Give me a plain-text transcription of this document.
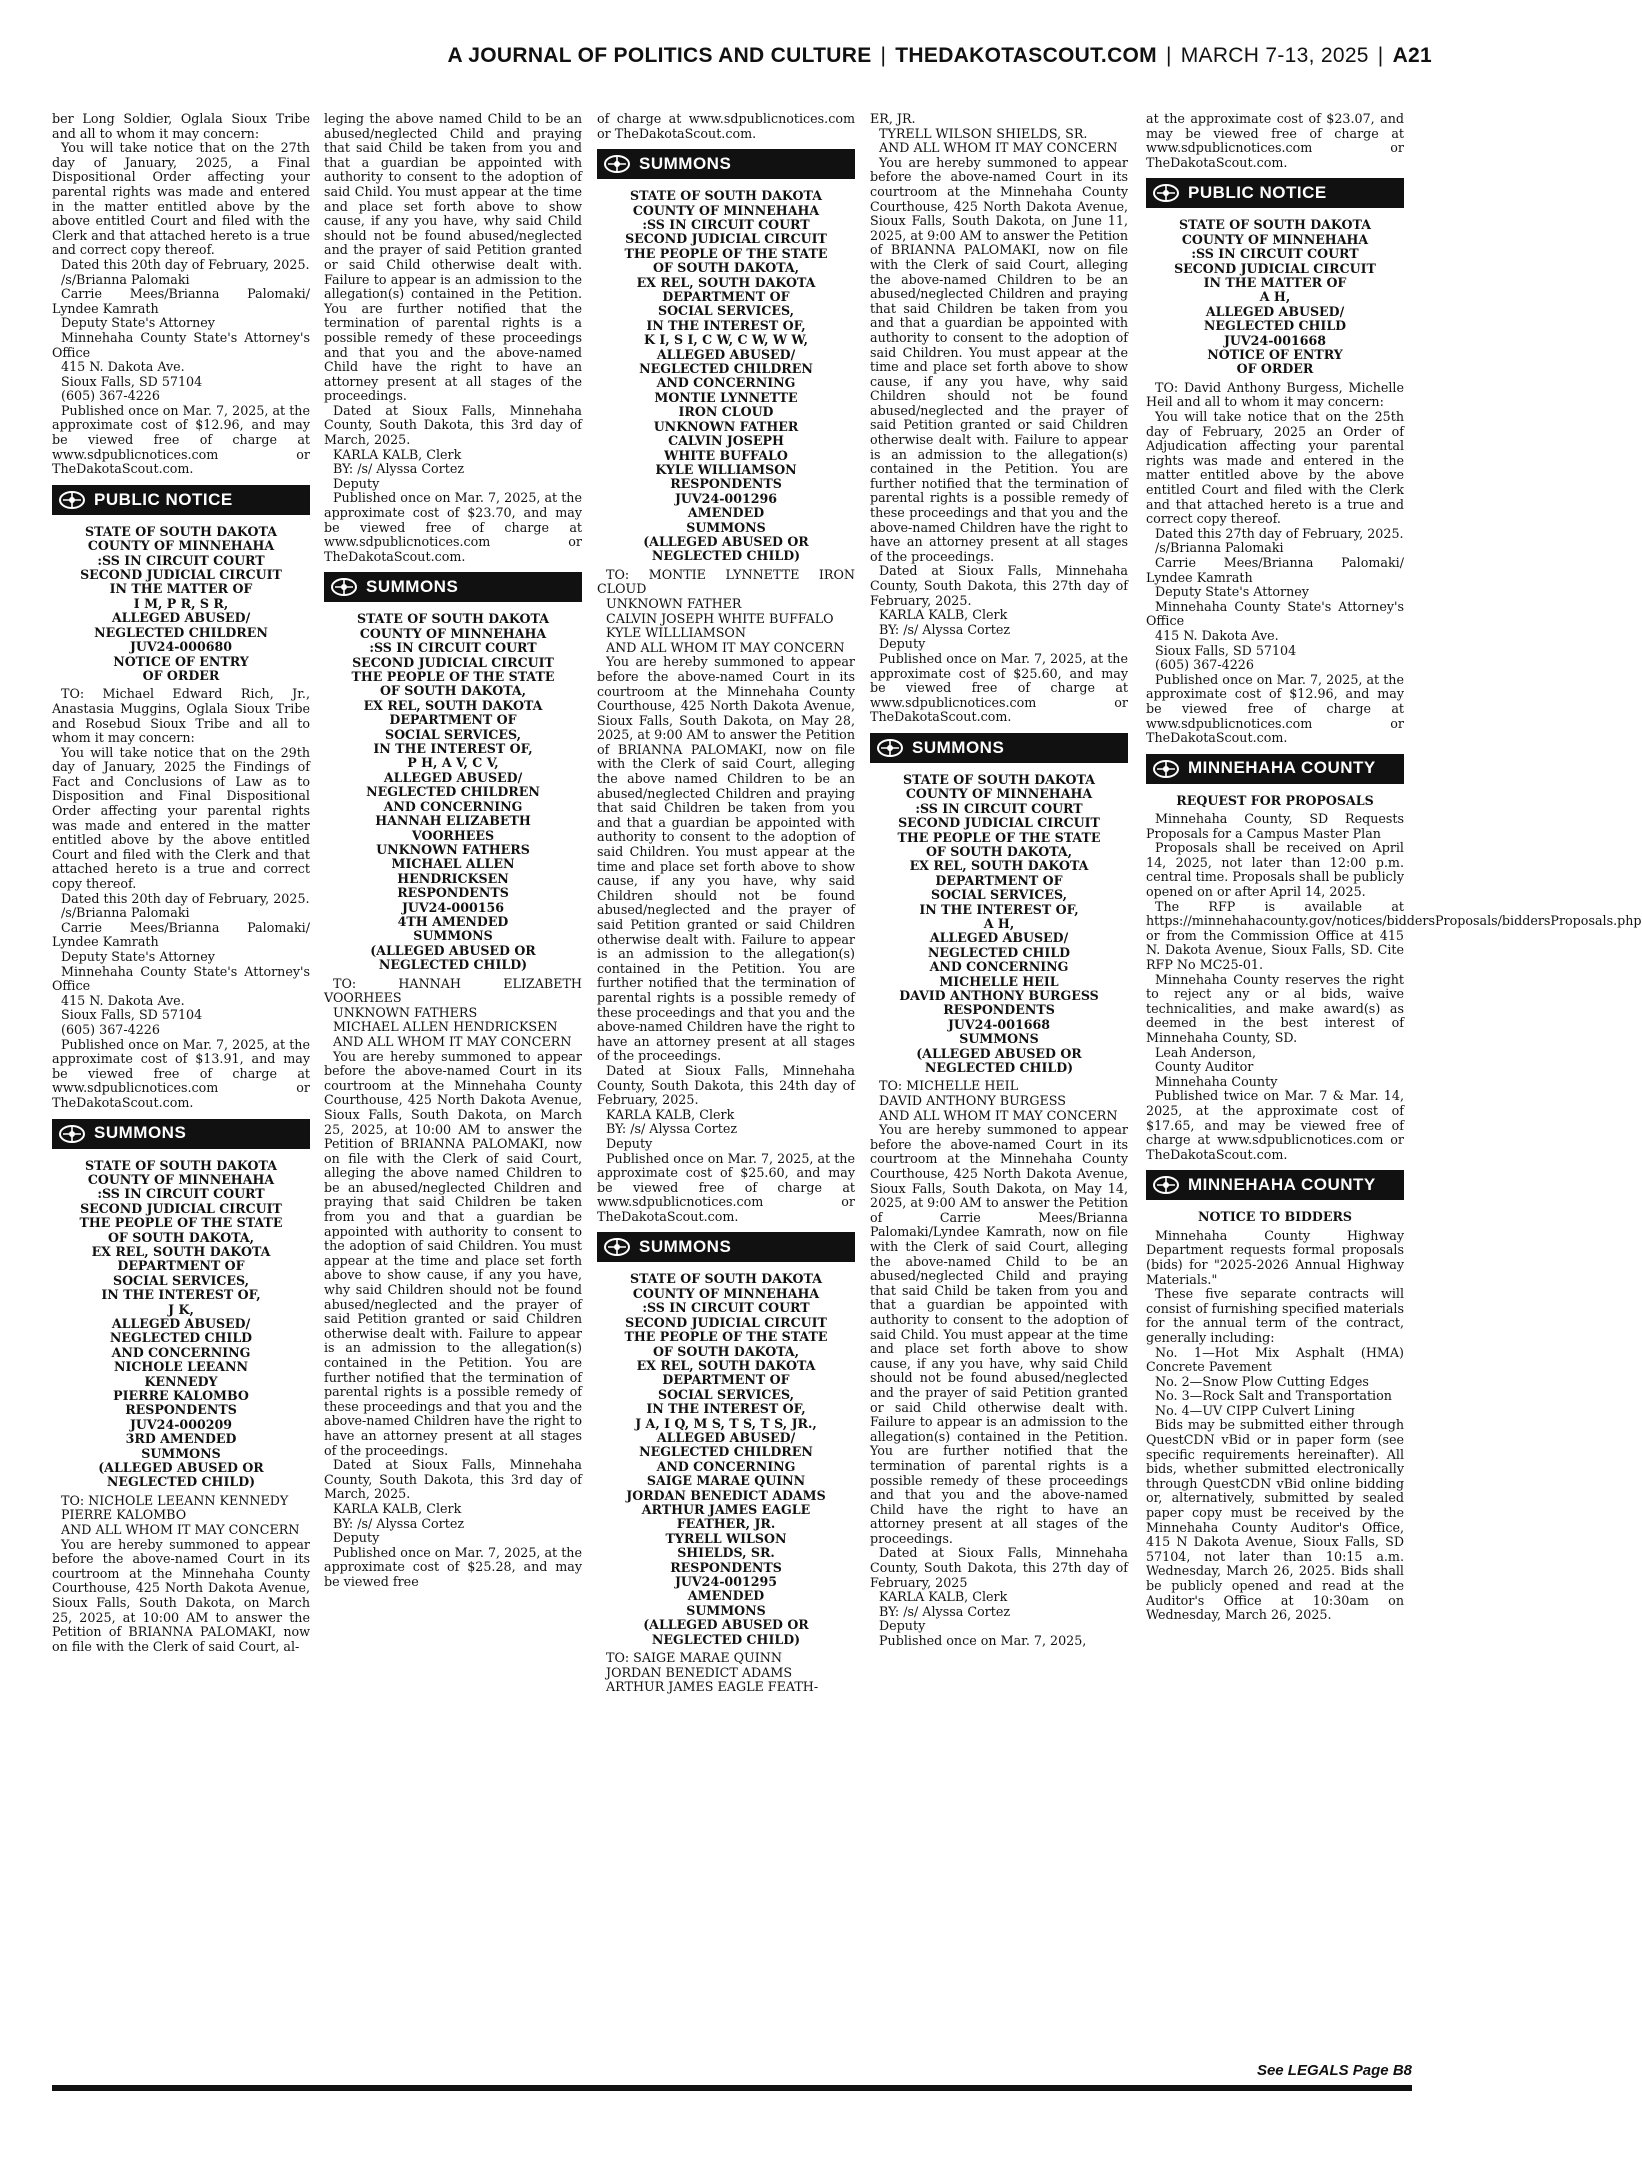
A JOURNAL OF POLITICS AND CULTURE | THEDAKOTASCOUT.COM | MARCH 7-13, 2025 | A21

ber Long Soldier, Oglala Sioux Tribe and all to whom it may concern:

You will take notice that on the 27th day of January, 2025, a Final Dispositional Order affecting your parental rights was made and entered in the matter entitled above by the above entitled Court and filed with the Clerk and that attached hereto is a true and correct copy thereof.

Dated this 20th day of February, 2025.

/s/Brianna Palomaki

Carrie Mees/Brianna Palomaki/ Lyndee Kamrath

Deputy State's Attorney

Minnehaha County State's Attorney's Office

415 N. Dakota Ave.

Sioux Falls, SD 57104

(605) 367-4226

Published once on Mar. 7, 2025, at the approximate cost of $12.96, and may be viewed free of charge at www.sdpublicnotices.com or TheDakotaScout.com.

PUBLIC NOTICE
STATE OF SOUTH DAKOTA
COUNTY OF MINNEHAHA
:SS IN CIRCUIT COURT
SECOND JUDICIAL CIRCUIT
IN THE MATTER OF
I M, P R, S R,
ALLEGED ABUSED/
NEGLECTED CHILDREN
JUV24-000680
NOTICE OF ENTRY
OF ORDER

TO: Michael Edward Rich, Jr., Anastasia Muggins, Oglala Sioux Tribe and Rosebud Sioux Tribe and all to whom it may concern:

You will take notice that on the 29th day of January, 2025 the Findings of Fact and Conclusions of Law as to Disposition and Final Dispositional Order affecting your parental rights was made and entered in the matter entitled above by the above entitled Court and filed with the Clerk and that attached hereto is a true and correct copy thereof.

Dated this 20th day of February, 2025.

/s/Brianna Palomaki

Carrie Mees/Brianna Palomaki/ Lyndee Kamrath

Deputy State's Attorney

Minnehaha County State's Attorney's Office

415 N. Dakota Ave.

Sioux Falls, SD 57104

(605) 367-4226

Published once on Mar. 7, 2025, at the approximate cost of $13.91, and may be viewed free of charge at www.sdpublicnotices.com or TheDakotaScout.com.

SUMMONS
STATE OF SOUTH DAKOTA
COUNTY OF MINNEHAHA
:SS IN CIRCUIT COURT
SECOND JUDICIAL CIRCUIT
THE PEOPLE OF THE STATE
OF SOUTH DAKOTA,
EX REL, SOUTH DAKOTA
DEPARTMENT OF
SOCIAL SERVICES,
IN THE INTEREST OF,
J K,
ALLEGED ABUSED/
NEGLECTED CHILD
AND CONCERNING
NICHOLE LEEANN
KENNEDY
PIERRE KALOMBO
RESPONDENTS
JUV24-000209
3RD AMENDED
SUMMONS
(ALLEGED ABUSED OR
NEGLECTED CHILD)

TO: NICHOLE LEEANN KENNEDY

PIERRE KALOMBO

AND ALL WHOM IT MAY CONCERN

You are hereby summoned to appear before the above-named Court in its courtroom at the Minnehaha County Courthouse, 425 North Dakota Avenue, Sioux Falls, South Dakota, on March 25, 2025, at 10:00 AM to answer the Petition of BRIANNA PALOMAKI, now on file with the Clerk of said Court, al-

leging the above named Child to be an abused/neglected Child and praying that said Child be taken from you and that a guardian be appointed with authority to consent to the adoption of said Child. You must appear at the time and place set forth above to show cause, if any you have, why said Child should not be found abused/neglected and the prayer of said Petition granted or said Child otherwise dealt with. Failure to appear is an admission to the allegation(s) contained in the Petition. You are further notified that the termination of parental rights is a possible remedy of these proceedings and that you and the above-named Child have the right to have an attorney present at all stages of the proceedings.

Dated at Sioux Falls, Minnehaha County, South Dakota, this 3rd day of March, 2025.

KARLA KALB, Clerk

BY: /s/ Alyssa Cortez

Deputy

Published once on Mar. 7, 2025, at the approximate cost of $23.70, and may be viewed free of charge at www.sdpublicnotices.com or TheDakotaScout.com.

SUMMONS
STATE OF SOUTH DAKOTA
COUNTY OF MINNEHAHA
:SS IN CIRCUIT COURT
SECOND JUDICIAL CIRCUIT
THE PEOPLE OF THE STATE
OF SOUTH DAKOTA,
EX REL, SOUTH DAKOTA
DEPARTMENT OF
SOCIAL SERVICES,
IN THE INTEREST OF,
P H, A V, C V,
ALLEGED ABUSED/
NEGLECTED CHILDREN
AND CONCERNING
HANNAH ELIZABETH
VOORHEES
UNKNOWN FATHERS
MICHAEL ALLEN
HENDRICKSEN
RESPONDENTS
JUV24-000156
4TH AMENDED
SUMMONS
(ALLEGED ABUSED OR
NEGLECTED CHILD)

TO: HANNAH ELIZABETH VOORHEES

UNKNOWN FATHERS

MICHAEL ALLEN HENDRICKSEN

AND ALL WHOM IT MAY CONCERN

You are hereby summoned to appear before the above-named Court in its courtroom at the Minnehaha County Courthouse, 425 North Dakota Avenue, Sioux Falls, South Dakota, on March 25, 2025, at 10:00 AM to answer the Petition of BRIANNA PALOMAKI, now on file with the Clerk of said Court, alleging the above named Children to be an abused/neglected Children and praying that said Children be taken from you and that a guardian be appointed with authority to consent to the adoption of said Children. You must appear at the time and place set forth above to show cause, if any you have, why said Children should not be found abused/neglected and the prayer of said Petition granted or said Children otherwise dealt with. Failure to appear is an admission to the allegation(s) contained in the Petition. You are further notified that the termination of parental rights is a possible remedy of these proceedings and that you and the above-named Children have the right to have an attorney present at all stages of the proceedings.

Dated at Sioux Falls, Minnehaha County, South Dakota, this 3rd day of March, 2025.

KARLA KALB, Clerk

BY: /s/ Alyssa Cortez

Deputy

Published once on Mar. 7, 2025, at the approximate cost of $25.28, and may be viewed free

of charge at www.sdpublicnotices.com or TheDakotaScout.com.

SUMMONS
STATE OF SOUTH DAKOTA
COUNTY OF MINNEHAHA
:SS IN CIRCUIT COURT
SECOND JUDICIAL CIRCUIT
THE PEOPLE OF THE STATE
OF SOUTH DAKOTA,
EX REL, SOUTH DAKOTA
DEPARTMENT OF
SOCIAL SERVICES,
IN THE INTEREST OF,
K I, S I, C W, C W, W W,
ALLEGED ABUSED/
NEGLECTED CHILDREN
AND CONCERNING
MONTIE LYNNETTE
IRON CLOUD
UNKNOWN FATHER
CALVIN JOSEPH
WHITE BUFFALO
KYLE WILLIAMSON
RESPONDENTS
JUV24-001296
AMENDED
SUMMONS
(ALLEGED ABUSED OR
NEGLECTED CHILD)

TO: MONTIE LYNNETTE IRON CLOUD

UNKNOWN FATHER

CALVIN JOSEPH WHITE BUFFALO

KYLE WILLLIAMSON

AND ALL WHOM IT MAY CONCERN

You are hereby summoned to appear before the above-named Court in its courtroom at the Minnehaha County Courthouse, 425 North Dakota Avenue, Sioux Falls, South Dakota, on May 28, 2025, at 9:00 AM to answer the Petition of BRIANNA PALOMAKI, now on file with the Clerk of said Court, alleging the above named Children to be an abused/neglected Children and praying that said Children be taken from you and that a guardian be appointed with authority to consent to the adoption of said Children. You must appear at the time and place set forth above to show cause, if any you have, why said Children should not be found abused/neglected and the prayer of said Petition granted or said Children otherwise dealt with. Failure to appear is an admission to the allegation(s) contained in the Petition. You are further notified that the termination of parental rights is a possible remedy of these proceedings and that you and the above-named Children have the right to have an attorney present at all stages of the proceedings.

Dated at Sioux Falls, Minnehaha County, South Dakota, this 24th day of February, 2025.

KARLA KALB, Clerk

BY: /s/ Alyssa Cortez

Deputy

Published once on Mar. 7, 2025, at the approximate cost of $25.60, and may be viewed free of charge at www.sdpublicnotices.com or TheDakotaScout.com.

SUMMONS
STATE OF SOUTH DAKOTA
COUNTY OF MINNEHAHA
:SS IN CIRCUIT COURT
SECOND JUDICIAL CIRCUIT
THE PEOPLE OF THE STATE
OF SOUTH DAKOTA,
EX REL, SOUTH DAKOTA
DEPARTMENT OF
SOCIAL SERVICES,
IN THE INTEREST OF,
J A, I Q, M S, T S, T S, JR.,
ALLEGED ABUSED/
NEGLECTED CHILDREN
AND CONCERNING
SAIGE MARAE QUINN
JORDAN BENEDICT ADAMS
ARTHUR JAMES EAGLE
FEATHER, JR.
TYRELL WILSON
SHIELDS, SR.
RESPONDENTS
JUV24-001295
AMENDED
SUMMONS
(ALLEGED ABUSED OR
NEGLECTED CHILD)

TO: SAIGE MARAE QUINN

JORDAN BENEDICT ADAMS

ARTHUR JAMES EAGLE FEATH-

ER, JR.

TYRELL WILSON SHIELDS, SR.

AND ALL WHOM IT MAY CONCERN

You are hereby summoned to appear before the above-named Court in its courtroom at the Minnehaha County Courthouse, 425 North Dakota Avenue, Sioux Falls, South Dakota, on June 11, 2025, at 9:00 AM to answer the Petition of BRIANNA PALOMAKI, now on file with the Clerk of said Court, alleging the above-named Children to be an abused/neglected Children and praying that said Children be taken from you and that a guardian be appointed with authority to consent to the adoption of said Children. You must appear at the time and place set forth above to show cause, if any you have, why said Children should not be found abused/neglected and the prayer of said Petition granted or said Children otherwise dealt with. Failure to appear is an admission to the allegation(s) contained in the Petition. You are further notified that the termination of parental rights is a possible remedy of these proceedings and that you and the above-named Children have the right to have an attorney present at all stages of the proceedings.

Dated at Sioux Falls, Minnehaha County, South Dakota, this 27th day of February, 2025.

KARLA KALB, Clerk

BY: /s/ Alyssa Cortez

Deputy

Published once on Mar. 7, 2025, at the approximate cost of $25.60, and may be viewed free of charge at www.sdpublicnotices.com or TheDakotaScout.com.

SUMMONS
STATE OF SOUTH DAKOTA
COUNTY OF MINNEHAHA
:SS IN CIRCUIT COURT
SECOND JUDICIAL CIRCUIT
THE PEOPLE OF THE STATE
OF SOUTH DAKOTA,
EX REL, SOUTH DAKOTA
DEPARTMENT OF
SOCIAL SERVICES,
IN THE INTEREST OF,
A H,
ALLEGED ABUSED/
NEGLECTED CHILD
AND CONCERNING
MICHELLE HEIL
DAVID ANTHONY BURGESS
RESPONDENTS
JUV24-001668
SUMMONS
(ALLEGED ABUSED OR
NEGLECTED CHILD)

TO: MICHELLE HEIL

DAVID ANTHONY BURGESS

AND ALL WHOM IT MAY CONCERN

You are hereby summoned to appear before the above-named Court in its courtroom at the Minnehaha County Courthouse, 425 North Dakota Avenue, Sioux Falls, South Dakota, on May 14, 2025, at 9:00 AM to answer the Petition of Carrie Mees/Brianna Palomaki/Lyndee Kamrath, now on file with the Clerk of said Court, alleging the above-named Child to be an abused/neglected Child and praying that said Child be taken from you and that a guardian be appointed with authority to consent to the adoption of said Child. You must appear at the time and place set forth above to show cause, if any you have, why said Child should not be found abused/neglected and the prayer of said Petition granted or said Child otherwise dealt with. Failure to appear is an admission to the allegation(s) contained in the Petition. You are further notified that the termination of parental rights is a possible remedy of these proceedings and that you and the above-named Child have the right to have an attorney present at all stages of the proceedings.

Dated at Sioux Falls, Minnehaha County, South Dakota, this 27th day of February, 2025

KARLA KALB, Clerk

BY: /s/ Alyssa Cortez

Deputy

Published once on Mar. 7, 2025,

at the approximate cost of $23.07, and may be viewed free of charge at www.sdpublicnotices.com or TheDakotaScout.com.

PUBLIC NOTICE
STATE OF SOUTH DAKOTA
COUNTY OF MINNEHAHA
:SS IN CIRCUIT COURT
SECOND JUDICIAL CIRCUIT
IN THE MATTER OF
A H,
ALLEGED ABUSED/
NEGLECTED CHILD
JUV24-001668
NOTICE OF ENTRY
OF ORDER

TO: David Anthony Burgess, Michelle Heil and all to whom it may concern:

You will take notice that on the 25th day of February, 2025 an Order of Adjudication affecting your parental rights was made and entered in the matter entitled above by the above entitled Court and filed with the Clerk and that attached hereto is a true and correct copy thereof.

Dated this 27th day of February, 2025.

/s/Brianna Palomaki

Carrie Mees/Brianna Palomaki/ Lyndee Kamrath

Deputy State's Attorney

Minnehaha County State's Attorney's Office

415 N. Dakota Ave.

Sioux Falls, SD 57104

(605) 367-4226

Published once on Mar. 7, 2025, at the approximate cost of $12.96, and may be viewed free of charge at www.sdpublicnotices.com or TheDakotaScout.com.

MINNEHAHA COUNTY
REQUEST FOR PROPOSALS

Minnehaha County, SD Requests Proposals for a Campus Master Plan

Proposals shall be received on April 14, 2025, not later than 12:00 p.m. central time. Proposals shall be publicly opened on or after April 14, 2025.

The RFP is available at https://minnehahacounty.gov/notices/biddersProposals/biddersProposals.php or from the Commission Office at 415 N. Dakota Avenue, Sioux Falls, SD. Cite RFP No MC25-01.

Minnehaha County reserves the right to reject any or al bids, waive technicalities, and make award(s) as deemed in the best interest of Minnehaha County, SD.

Leah Anderson,

County Auditor

Minnehaha County

Published twice on Mar. 7 & Mar. 14, 2025, at the approximate cost of $17.65, and may be viewed free of charge at www.sdpublicnotices.com or TheDakotaScout.com.

MINNEHAHA COUNTY
NOTICE TO BIDDERS

Minnehaha County Highway Department requests formal proposals (bids) for "2025-2026 Annual Highway Materials."

These five separate contracts will consist of furnishing specified materials for the annual term of the contract, generally including:

No. 1—Hot Mix Asphalt (HMA) Concrete Pavement

No. 2—Snow Plow Cutting Edges

No. 3—Rock Salt and Transportation

No. 4—UV CIPP Culvert Lining

Bids may be submitted either through QuestCDN vBid or in paper form (see specific requirements hereinafter). All bids, whether submitted electronically through QuestCDN vBid online bidding or, alternatively, submitted by sealed paper copy must be received by the Minnehaha County Auditor's Office, 415 N Dakota Avenue, Sioux Falls, SD 57104, not later than 10:15 a.m. Wednesday, March 26, 2025. Bids shall be publicly opened and read at the Auditor's Office at 10:30am on Wednesday, March 26, 2025.

See LEGALS Page B8
